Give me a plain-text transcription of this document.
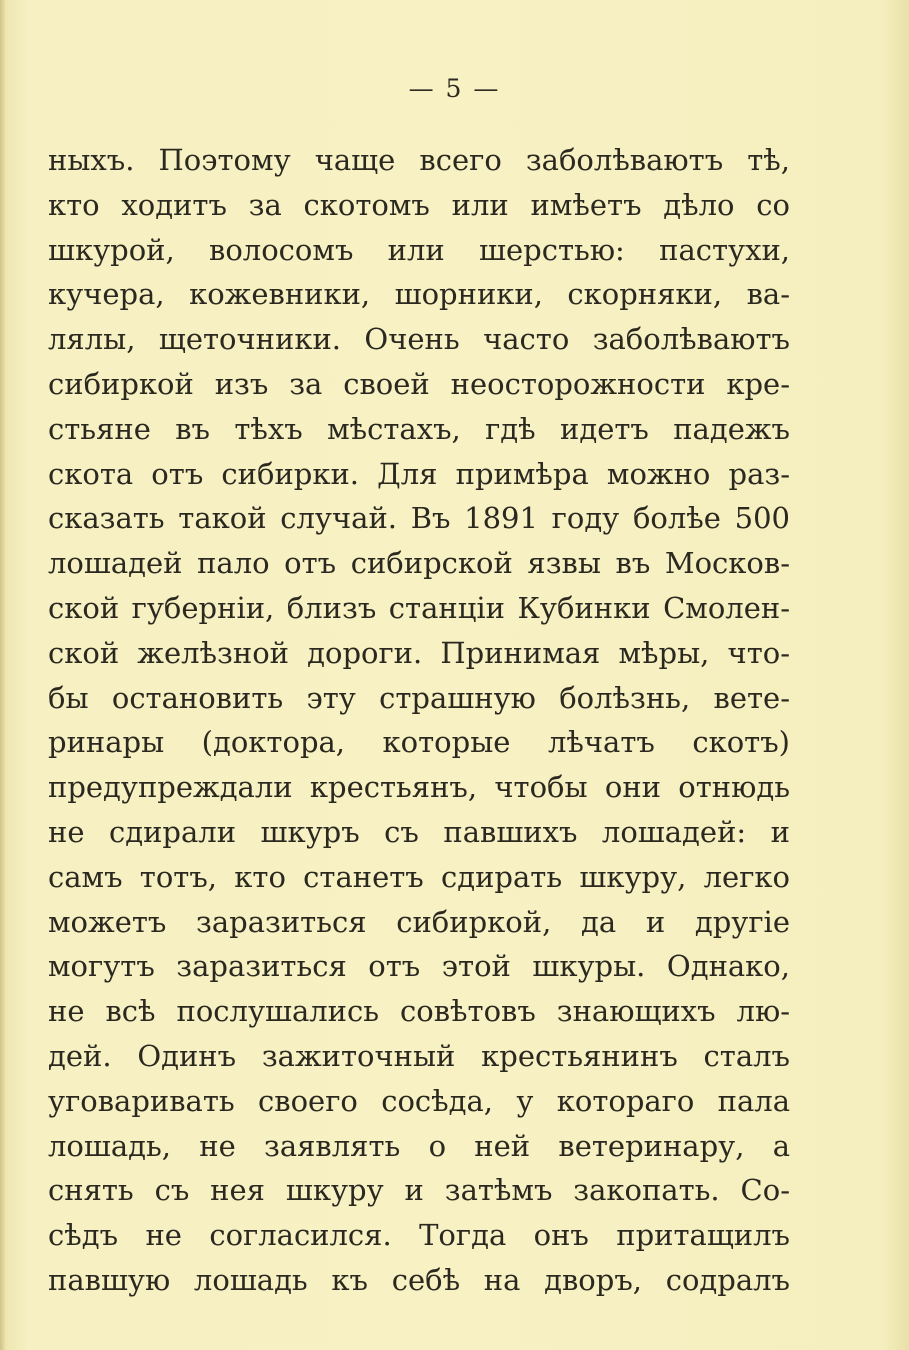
— 5 —
ныхъ. Поэтому чаще всего заболѣваютъ тѣ,
кто ходитъ за скотомъ или имѣетъ дѣло со
шкурой, волосомъ или шерстью: пастухи,
кучера, кожевники, шорники, скорняки, ва-
лялы, щеточники. Очень часто заболѣваютъ
сибиркой изъ за своей неосторожности кре-
стьяне въ тѣхъ мѣстахъ, гдѣ идетъ падежъ
скота отъ сибирки. Для примѣра можно раз-
сказать такой случай. Въ 1891 году болѣе 500
лошадей пало отъ сибирской язвы въ Москов-
ской губерніи, близъ станціи Кубинки Смолен-
ской желѣзной дороги. Принимая мѣры, что-
бы остановить эту страшную болѣзнь, вете-
ринары (доктора, которые лѣчатъ скотъ)
предупреждали крестьянъ, чтобы они отнюдь
не сдирали шкуръ съ павшихъ лошадей: и
самъ тотъ, кто станетъ сдирать шкуру, легко
можетъ заразиться сибиркой, да и другіе
могутъ заразиться отъ этой шкуры. Однако,
не всѣ послушались совѣтовъ знающихъ лю-
дей. Одинъ зажиточный крестьянинъ сталъ
уговаривать своего сосѣда, у котораго пала
лошадь, не заявлять о ней ветеринару, а
снять съ нея шкуру и затѣмъ закопать. Со-
сѣдъ не согласился. Тогда онъ притащилъ
павшую лошадь къ себѣ на дворъ, содралъ
